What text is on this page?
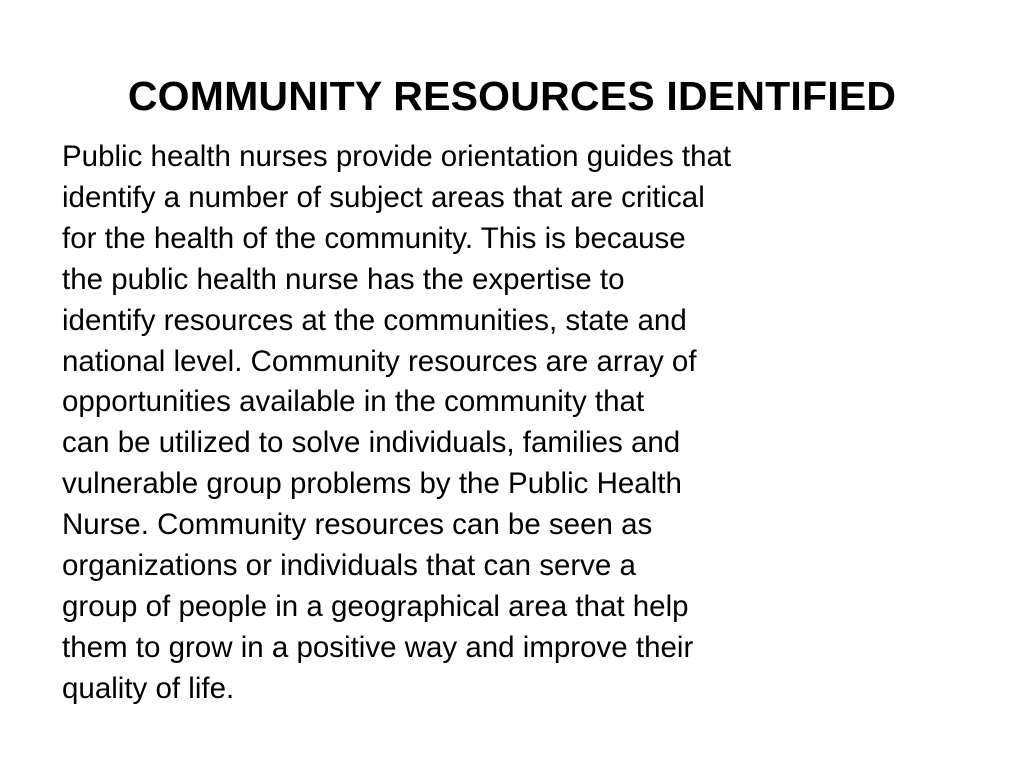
COMMUNITY RESOURCES IDENTIFIED
Public health nurses provide orientation guides that
identify a number of subject areas that are critical
for the health of the community. This is because
the public health nurse has the expertise to
identify resources at the communities, state and
national level. Community resources are array of
opportunities available in the community that
can be utilized to solve individuals, families and
vulnerable group problems by the Public Health
Nurse. Community resources can be seen as
organizations or individuals that can serve a
group of people in a geographical area that help
them to grow in a positive way and improve their
quality of life.
